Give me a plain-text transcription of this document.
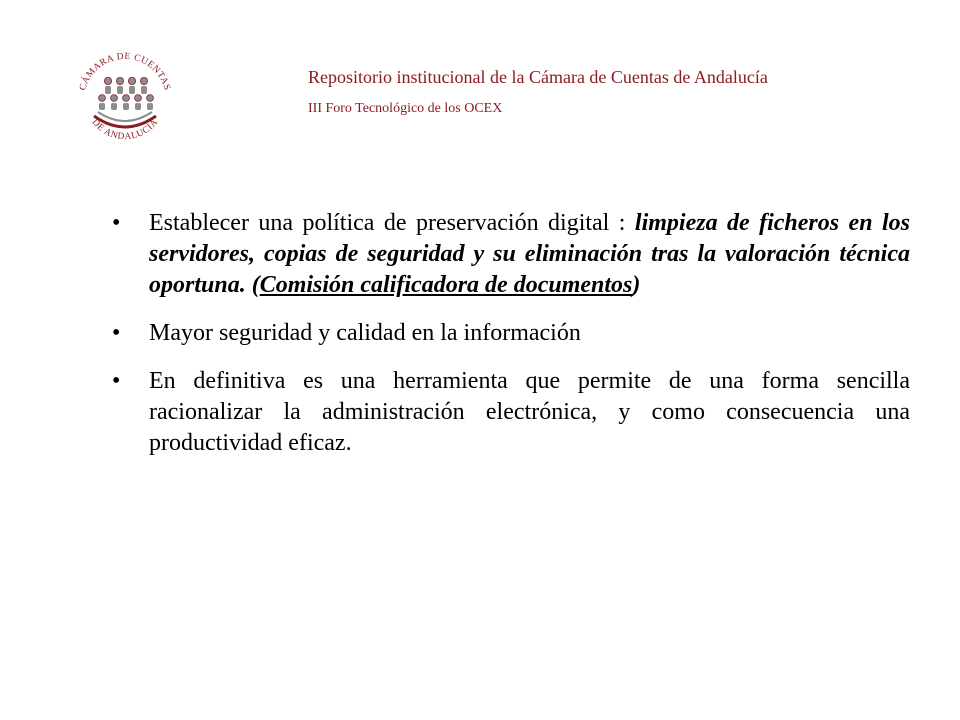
CÁMARA DE CUENTAS
DE ANDALUCÍA
Repositorio institucional de la Cámara de Cuentas de Andalucía
III Foro Tecnológico de los OCEX
• Establecer una política de preservación digital : limpieza de ficheros en los servidores, copias de seguridad y su eliminación tras la valoración técnica oportuna. (Comisión calificadora de documentos)
• Mayor seguridad y calidad en la información
• En definitiva es una herramienta que permite de una forma sencilla racionalizar la administración electrónica, y como consecuencia una productividad eficaz.
